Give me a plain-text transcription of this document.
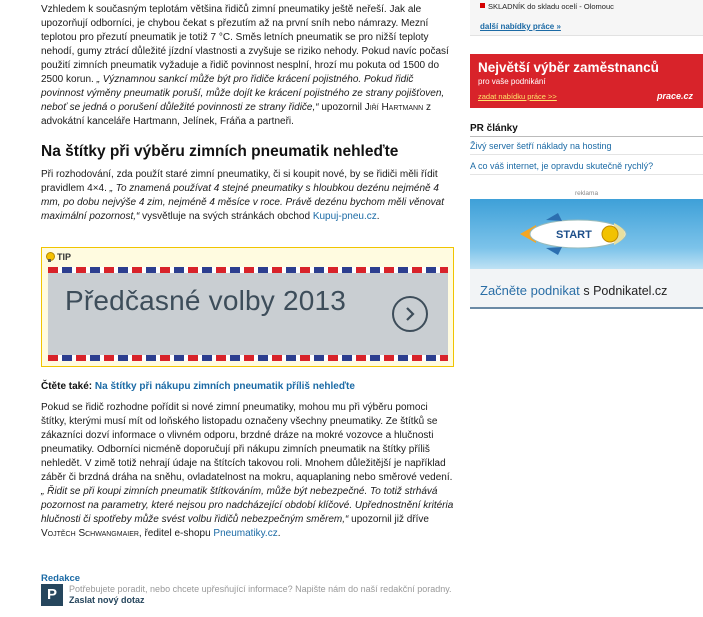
Vzhledem k současným teplotám většina řidičů zimní pneumatiky ještě neřeší. Jak ale upozorňují odborníci, je chybou čekat s přezutím až na první sníh nebo námrazy. Mezní teplotou pro přezutí pneumatik je totiž 7 °C. Směs letních pneumatik se pro nižší teploty nehodí, gumy ztrácí důležité jízdní vlastnosti a zvyšuje se riziko nehody. Pokud navíc počasí použití zimních pneumatik vyžaduje a řidič povinnost nesplní, hrozí mu pokuta od 1500 do 2500 korun. „ Významnou sankcí může být pro řidiče krácení pojistného. Pokud řidič povinnost výměny pneumatik poruší, může dojít ke krácení pojistného ze strany pojišťoven, neboť se jedná o porušení důležité povinnosti ze strany řidiče,“ upozornil Jiří Hartmann z advokátní kanceláře Hartmann, Jelínek, Fráňa a partneři.

Na štítky při výběru zimních pneumatik nehleďte

Při rozhodování, zda použít staré zimní pneumatiky, či si koupit nové, by se řidiči měli řídit pravidlem 4×4. „ To znamená používat 4 stejné pneumatiky s hloubkou dezénu nejméně 4 mm, po dobu nejvýše 4 zim, nejméně 4 měsíce v roce. Právě dezénu bychom měli věnovat maximální pozornost,“ vysvětluje na svých stránkách obchod Kupuj-pneu.cz.

TIP
Předčasné volby 2013
Čtěte také: Na štítky při nákupu zimních pneumatik příliš nehleďte

Pokud se řidič rozhodne pořídit si nové zimní pneumatiky, mohou mu při výběru pomoci štítky, kterými musí mít od loňského listopadu označeny všechny pneumatiky. Ze štítků se zákazníci dozví informace o vlivném odporu, brzdné dráze na mokré vozovce a hlučnosti pneumatiky. Odborníci nicméně doporučují při nákupu zimních pneumatik na štítky příliš nehledět. V zimě totiž nehrají údaje na štítcích takovou roli. Mnohem důležitější je například záběr či brzdná dráha na sněhu, ovladatelnost na mokru, aquaplaning nebo směrové vedení. „ Řidit se při koupi zimních pneumatik štítkováním, může být nebezpečné. To totiž strhává pozornost na parametry, které nejsou pro nadcházející období klíčové. Upřednostnění kritéria hlučnosti či spotřeby může svést volbu řidičů nebezpečným směrem,“ upozornil již dříve Vojtěch Schwangmaier, ředitel e-shopu Pneumatiky.cz.

Redakce
P	Potřebujete poradit, nebo chcete upřesňující informace? Napište nám do naší redakční poradny. Zaslat nový dotaz
SKLADNÍK do skladu ocelí - Olomouc
další nabídky práce »
Největší výběr zaměstnanců
pro vaše podnikání
zadat nabídku práce >>	prace.cz
PR články
Živý server šetří náklady na hosting
A co váš internet, je opravdu skutečně rychlý?
reklama
START
Začněte podnikat s Podnikatel.cz
